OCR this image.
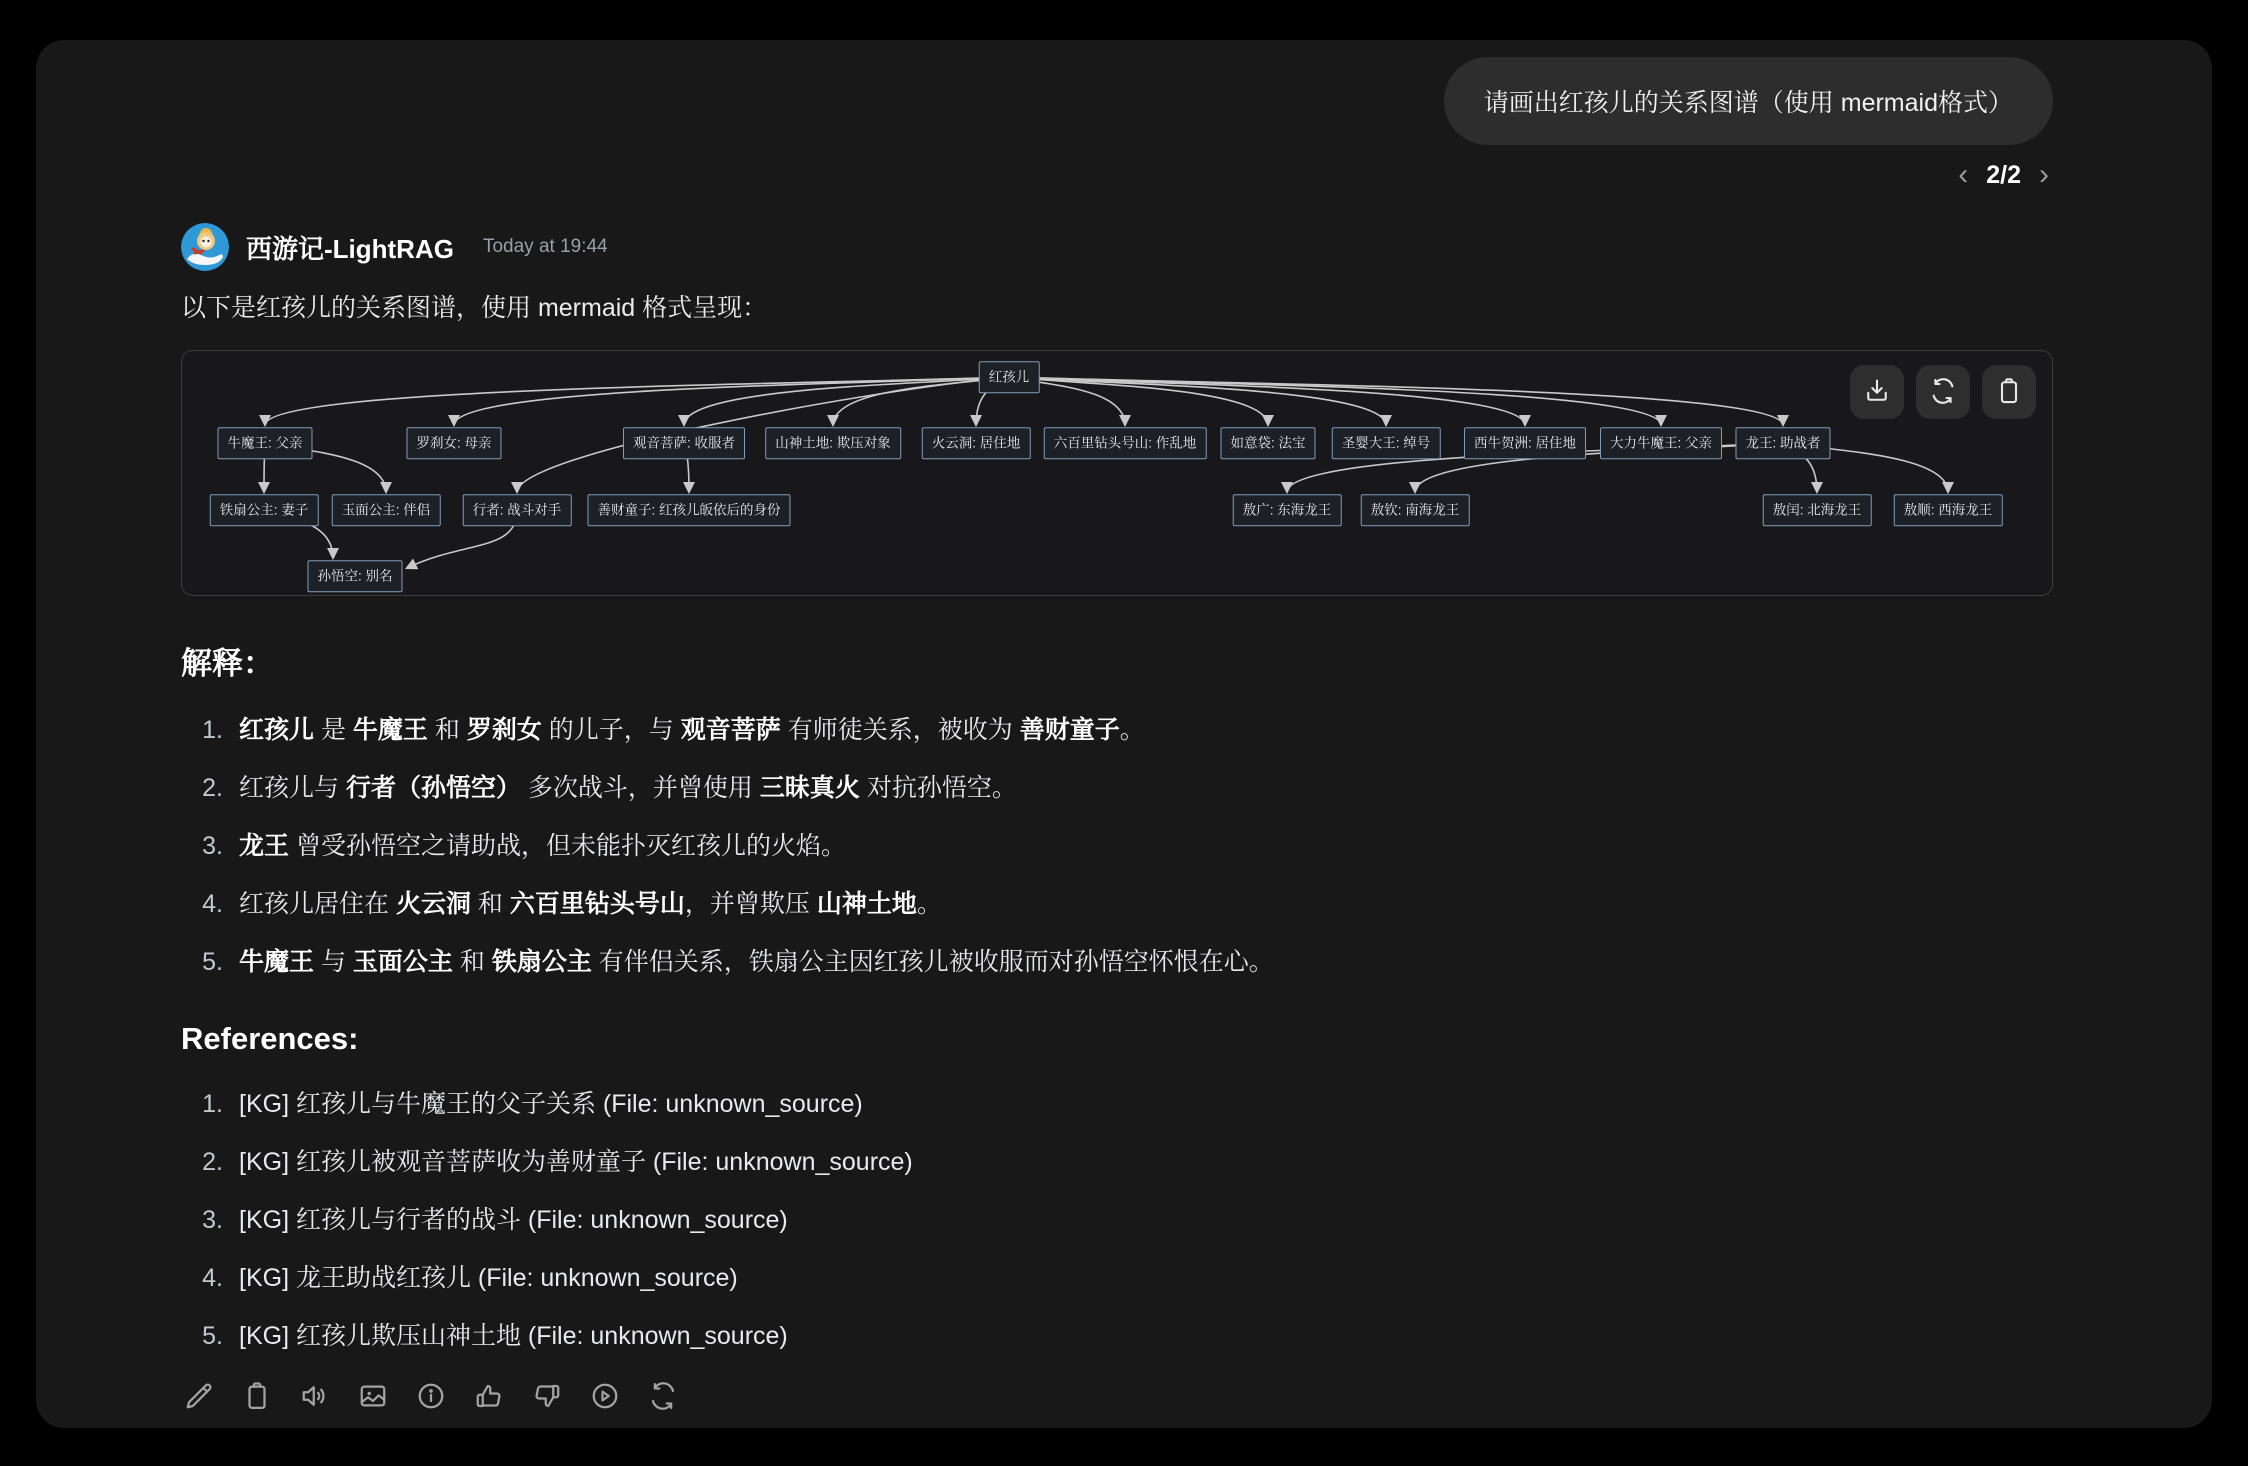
请画出红孩儿的关系图谱（使用 mermaid格式）
‹ 2/2 ›
西游记-LightRAG Today at 19:44
以下是红孩儿的关系图谱，使用 mermaid 格式呈现：
红孩儿
牛魔王: 父亲	罗刹女: 母亲	观音菩萨: 收服者	山神土地: 欺压对象	火云洞: 居住地	六百里钻头号山: 作乱地	如意袋: 法宝	圣婴大王: 绰号	西牛贺洲: 居住地	大力牛魔王: 父亲	龙王: 助战者
铁扇公主: 妻子	玉面公主: 伴侣	行者: 战斗对手	善财童子: 红孩儿皈依后的身份	敖广: 东海龙王	敖钦: 南海龙王	敖闰: 北海龙王	敖顺: 西海龙王
孙悟空: 别名
解释：
1. 红孩儿 是 牛魔王 和 罗刹女 的儿子，与 观音菩萨 有师徒关系，被收为 善财童子。
2. 红孩儿与 行者（孙悟空） 多次战斗，并曾使用 三昧真火 对抗孙悟空。
3. 龙王 曾受孙悟空之请助战，但未能扑灭红孩儿的火焰。
4. 红孩儿居住在 火云洞 和 六百里钻头号山，并曾欺压 山神土地。
5. 牛魔王 与 玉面公主 和 铁扇公主 有伴侣关系，铁扇公主因红孩儿被收服而对孙悟空怀恨在心。
References:
1. [KG] 红孩儿与牛魔王的父子关系 (File: unknown_source)
2. [KG] 红孩儿被观音菩萨收为善财童子 (File: unknown_source)
3. [KG] 红孩儿与行者的战斗 (File: unknown_source)
4. [KG] 龙王助战红孩儿 (File: unknown_source)
5. [KG] 红孩儿欺压山神土地 (File: unknown_source)
